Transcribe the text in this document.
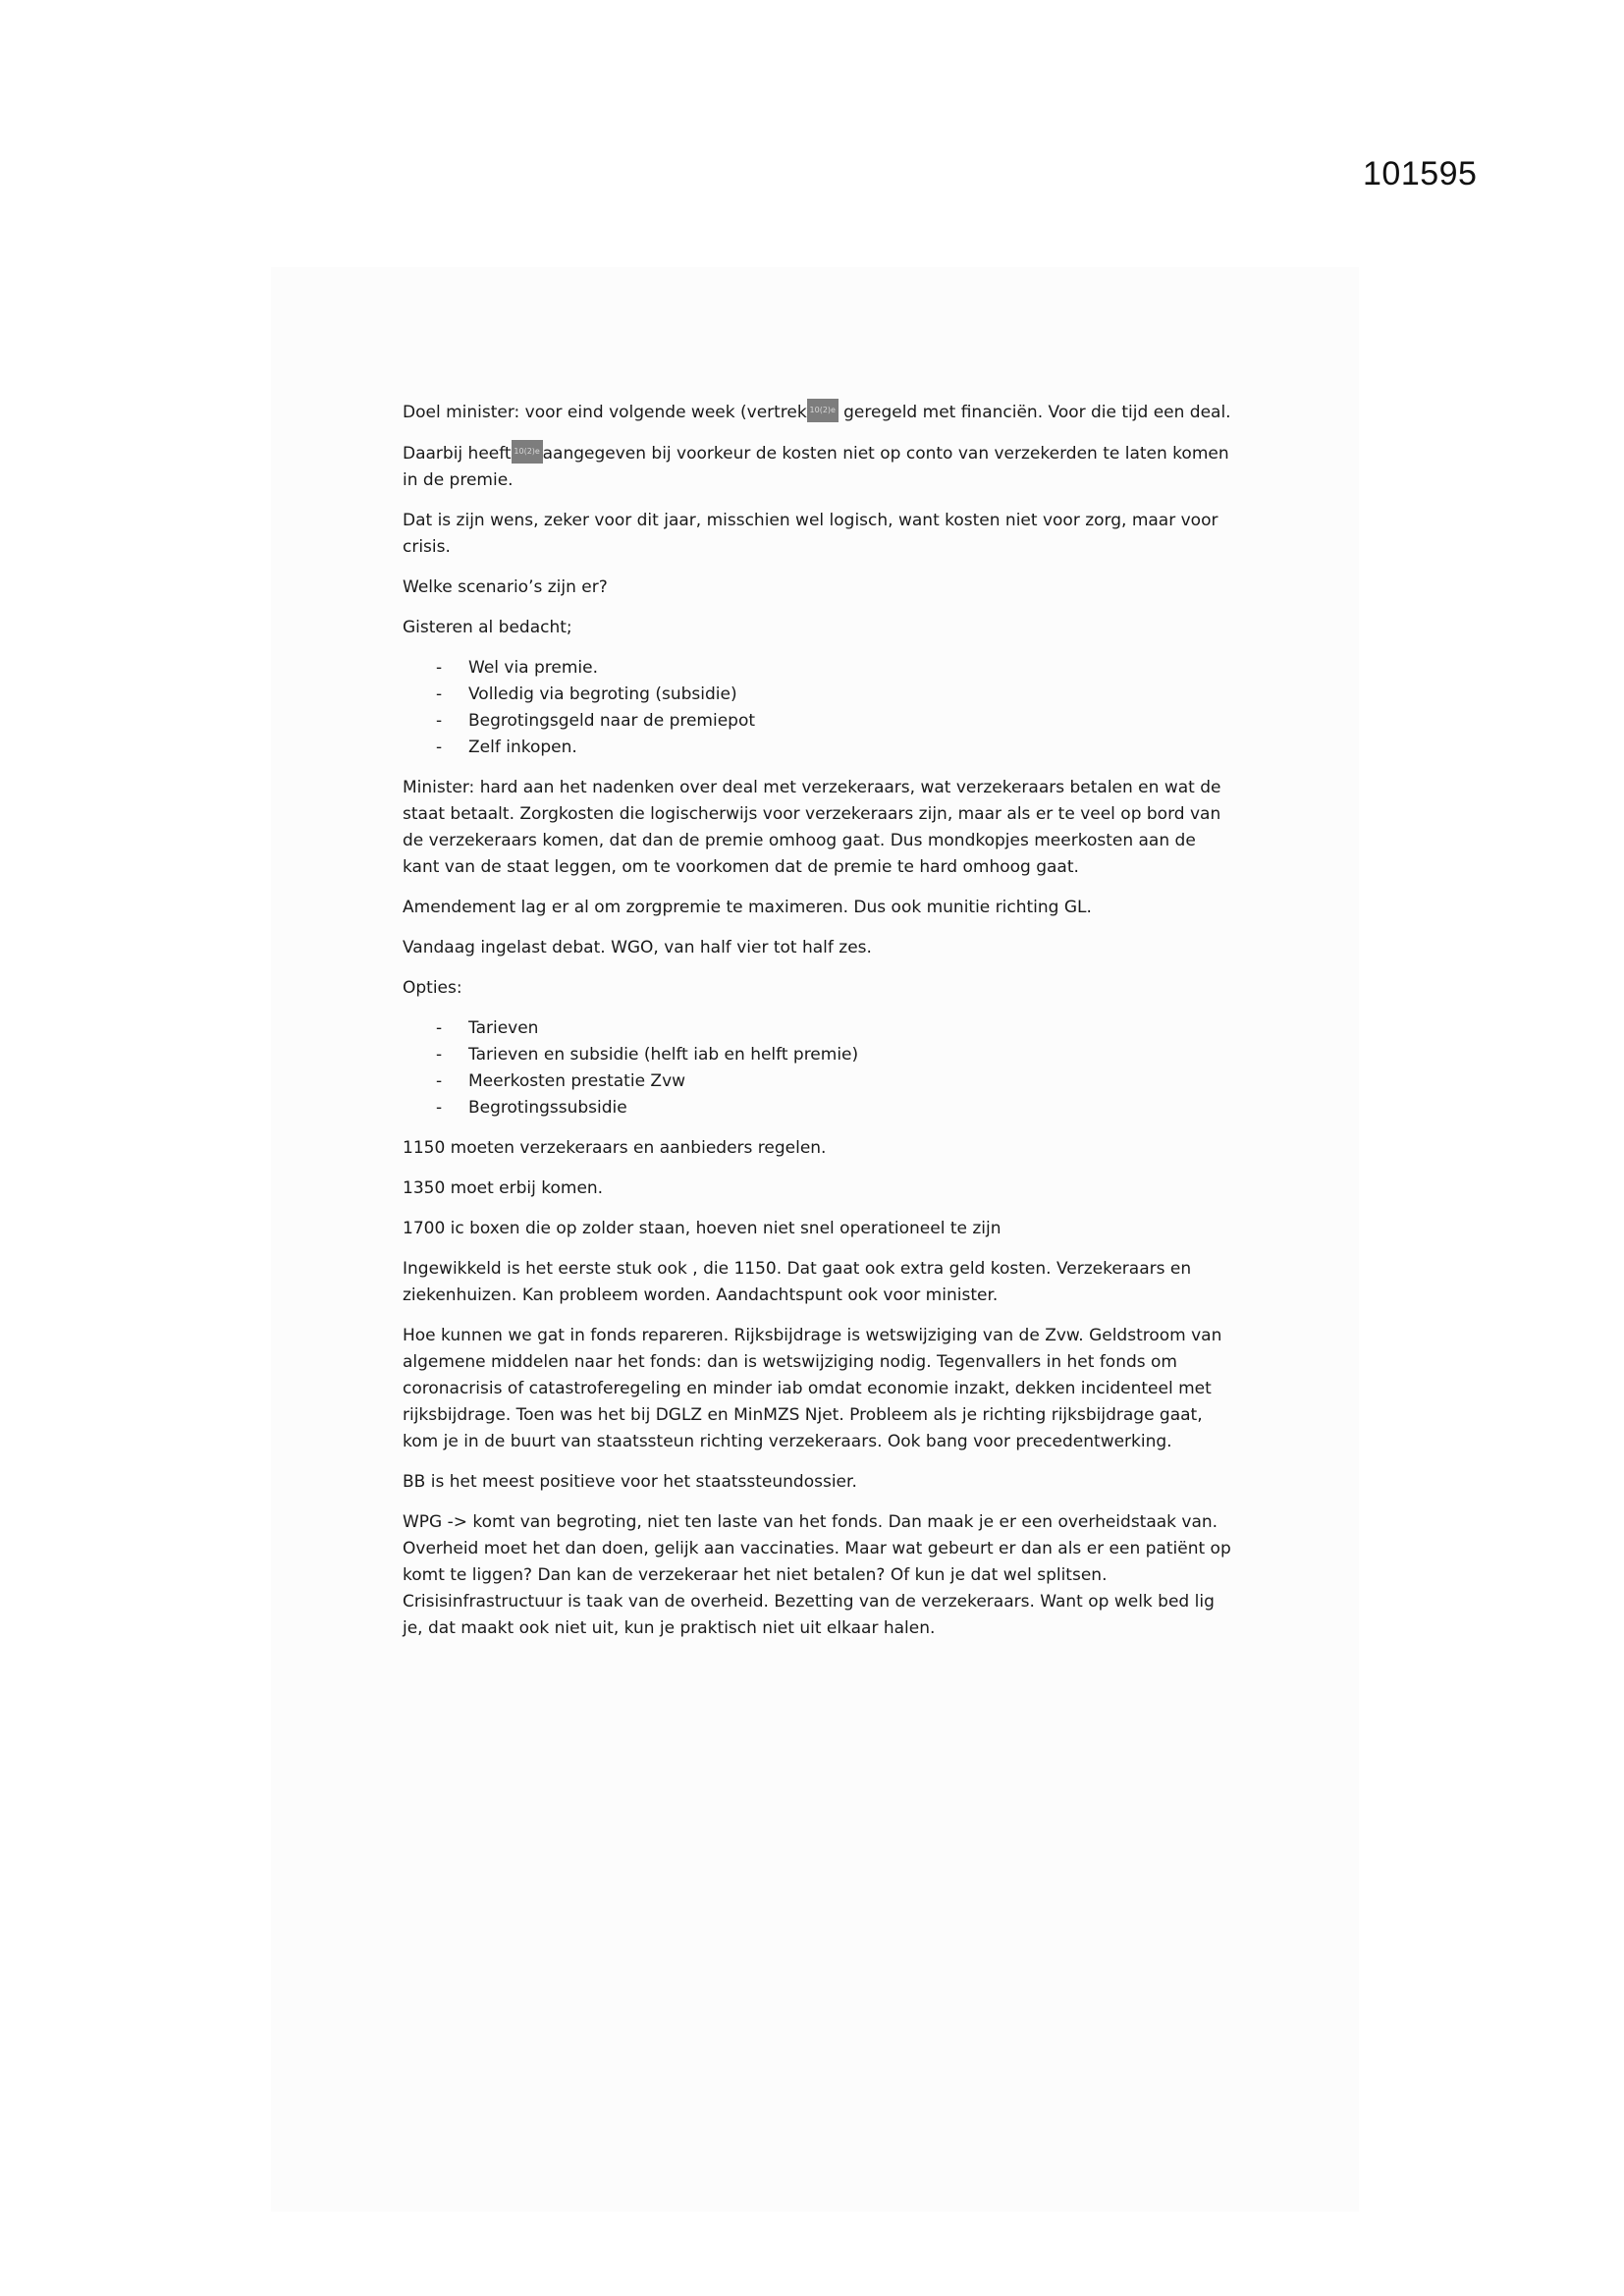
101595

Doel minister: voor eind volgende week (vertrek 10(2)e geregeld met financiën. Voor die tijd een deal.

Daarbij heeft 10(2)e aangegeven bij voorkeur de kosten niet op conto van verzekerden te laten komen in de premie.

Dat is zijn wens, zeker voor dit jaar, misschien wel logisch, want kosten niet voor zorg, maar voor crisis.

Welke scenario’s zijn er?

Gisteren al bedacht;

- Wel via premie.
- Volledig via begroting (subsidie)
- Begrotingsgeld naar de premiepot
- Zelf inkopen.

Minister: hard aan het nadenken over deal met verzekeraars, wat verzekeraars betalen en wat de staat betaalt. Zorgkosten die logischerwijs voor verzekeraars zijn, maar als er te veel op bord van de verzekeraars komen, dat dan de premie omhoog gaat. Dus mondkopjes meerkosten aan de kant van de staat leggen, om te voorkomen dat de premie te hard omhoog gaat.

Amendement lag er al om zorgpremie te maximeren. Dus ook munitie richting GL.

Vandaag ingelast debat. WGO, van half vier tot half zes.

Opties:

- Tarieven
- Tarieven en subsidie (helft iab en helft premie)
- Meerkosten prestatie Zvw
- Begrotingssubsidie

1150 moeten verzekeraars en aanbieders regelen.

1350 moet erbij komen.

1700 ic boxen die op zolder staan, hoeven niet snel operationeel te zijn

Ingewikkeld is het eerste stuk ook , die 1150. Dat gaat ook extra geld kosten. Verzekeraars en ziekenhuizen. Kan probleem worden. Aandachtspunt ook voor minister.

Hoe kunnen we gat in fonds repareren. Rijksbijdrage is wetswijziging van de Zvw. Geldstroom van algemene middelen naar het fonds: dan is wetswijziging nodig. Tegenvallers in het fonds om coronacrisis of catastroferegeling en minder iab omdat economie inzakt, dekken incidenteel met rijksbijdrage. Toen was het bij DGLZ en MinMZS Njet. Probleem als je richting rijksbijdrage gaat, kom je in de buurt van staatssteun richting verzekeraars. Ook bang voor precedentwerking.

BB is het meest positieve voor het staatssteundossier.

WPG -> komt van begroting, niet ten laste van het fonds. Dan maak je er een overheidstaak van. Overheid moet het dan doen, gelijk aan vaccinaties. Maar wat gebeurt er dan als er een patiënt op komt te liggen? Dan kan de verzekeraar het niet betalen? Of kun je dat wel splitsen. Crisisinfrastructuur is taak van de overheid. Bezetting van de verzekeraars. Want op welk bed lig je, dat maakt ook niet uit, kun je praktisch niet uit elkaar halen.
